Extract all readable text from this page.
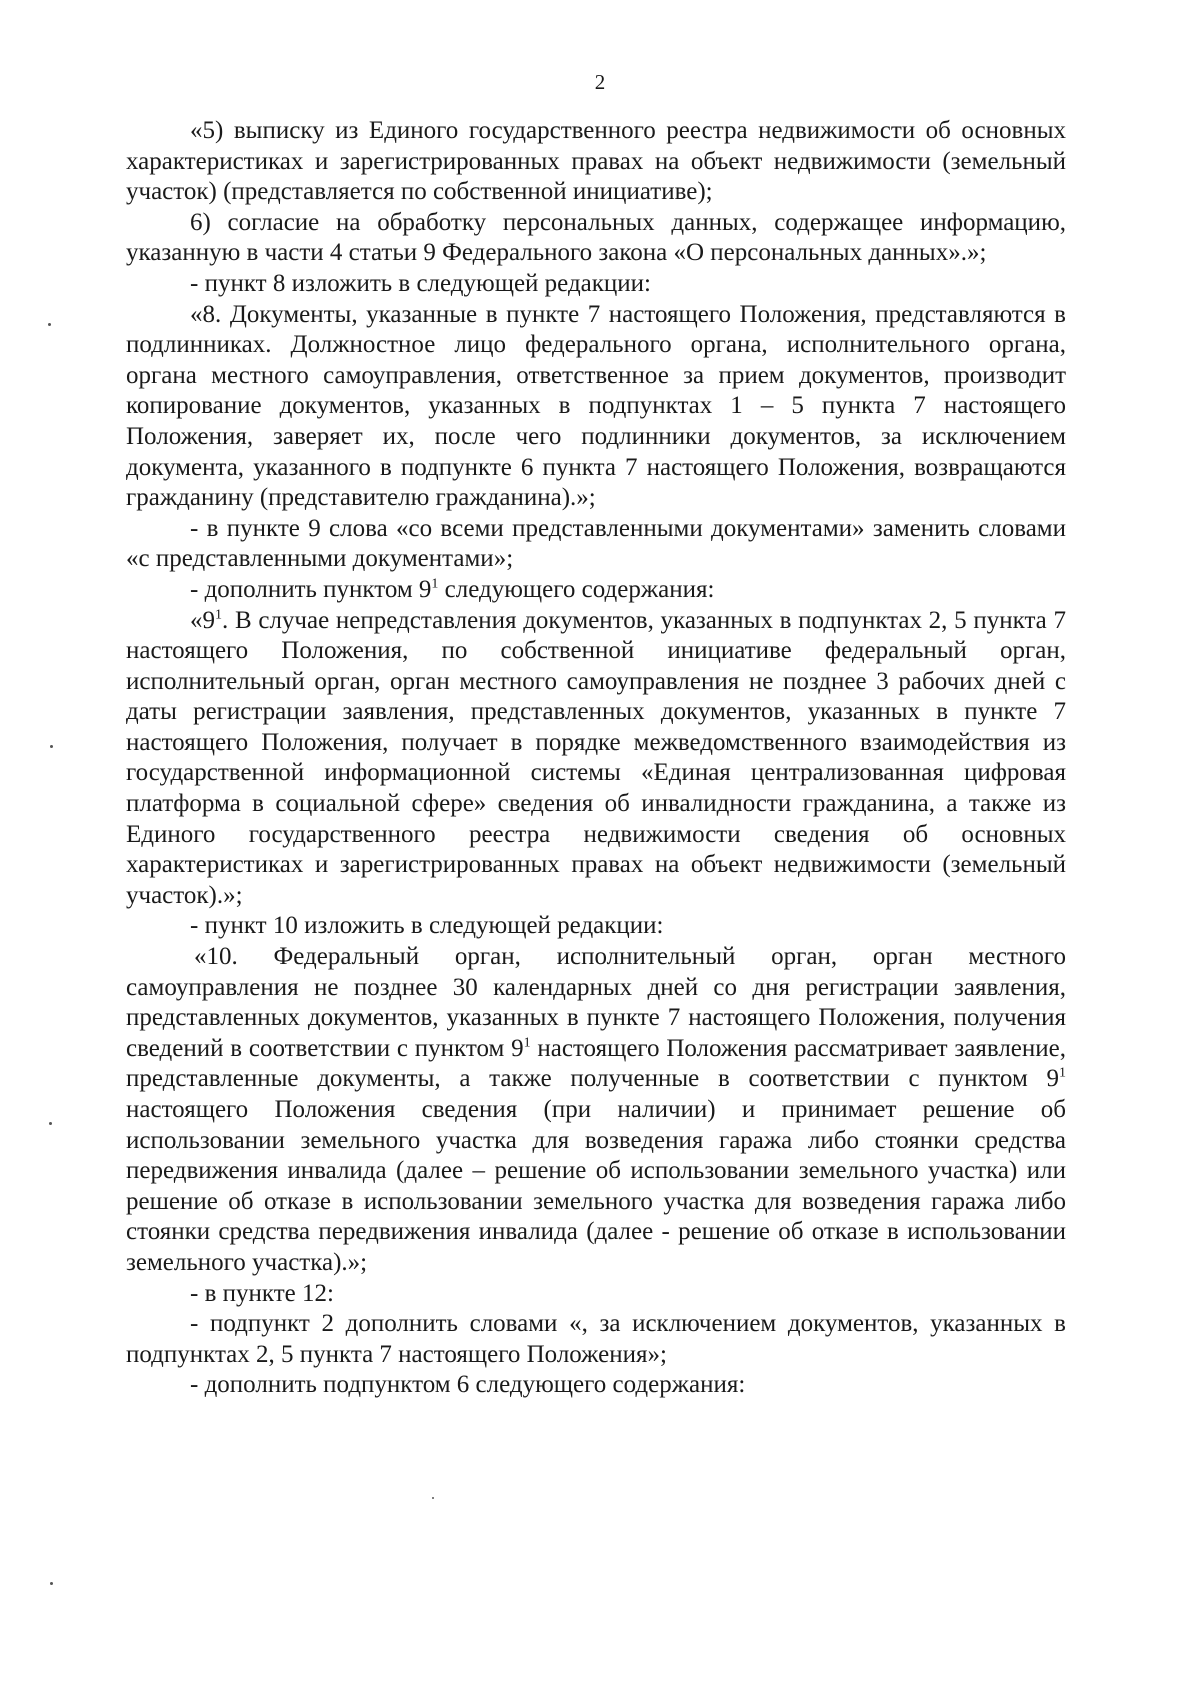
2

«5) выписку из Единого государственного реестра недвижимости об основных характеристиках и зарегистрированных правах на объект недвижимости (земельный участок) (представляется по собственной инициативе);

6) согласие на обработку персональных данных, содержащее информацию, указанную в части 4 статьи 9 Федерального закона «О персональных данных».»;

- пункт 8 изложить в следующей редакции:

«8. Документы, указанные в пункте 7 настоящего Положения, представляются в подлинниках. Должностное лицо федерального органа, исполнительного органа, органа местного самоуправления, ответственное за прием документов, производит копирование документов, указанных в подпунктах 1 – 5 пункта 7 настоящего Положения, заверяет их, после чего подлинники документов, за исключением документа, указанного в подпункте 6 пункта 7 настоящего Положения, возвращаются гражданину (представителю гражданина).»;

- в пункте 9 слова «со всеми представленными документами» заменить словами «с представленными документами»;

- дополнить пунктом $9^1$ следующего содержания:

«$9^1$. В случае непредставления документов, указанных в подпунктах 2, 5 пункта 7 настоящего Положения, по собственной инициативе федеральный орган, исполнительный орган, орган местного самоуправления не позднее 3 рабочих дней с даты регистрации заявления, представленных документов, указанных в пункте 7 настоящего Положения, получает в порядке межведомственного взаимодействия из государственной информационной системы «Единая централизованная цифровая платформа в социальной сфере» сведения об инвалидности гражданина, а также из Единого государственного реестра недвижимости сведения об основных характеристиках и зарегистрированных правах на объект недвижимости (земельный участок).»;

- пункт 10 изложить в следующей редакции:

«10. Федеральный орган, исполнительный орган, орган местного самоуправления не позднее 30 календарных дней со дня регистрации заявления, представленных документов, указанных в пункте 7 настоящего Положения, получения сведений в соответствии с пунктом $9^1$ настоящего Положения рассматривает заявление, представленные документы, а также полученные в соответствии с пунктом $9^1$ настоящего Положения сведения (при наличии) и принимает решение об использовании земельного участка для возведения гаража либо стоянки средства передвижения инвалида (далее – решение об использовании земельного участка) или решение об отказе в использовании земельного участка для возведения гаража либо стоянки средства передвижения инвалида (далее - решение об отказе в использовании земельного участка).»;

- в пункте 12:

- подпункт 2 дополнить словами «, за исключением документов, указанных в подпунктах 2, 5 пункта 7 настоящего Положения»;

- дополнить подпунктом 6 следующего содержания:
